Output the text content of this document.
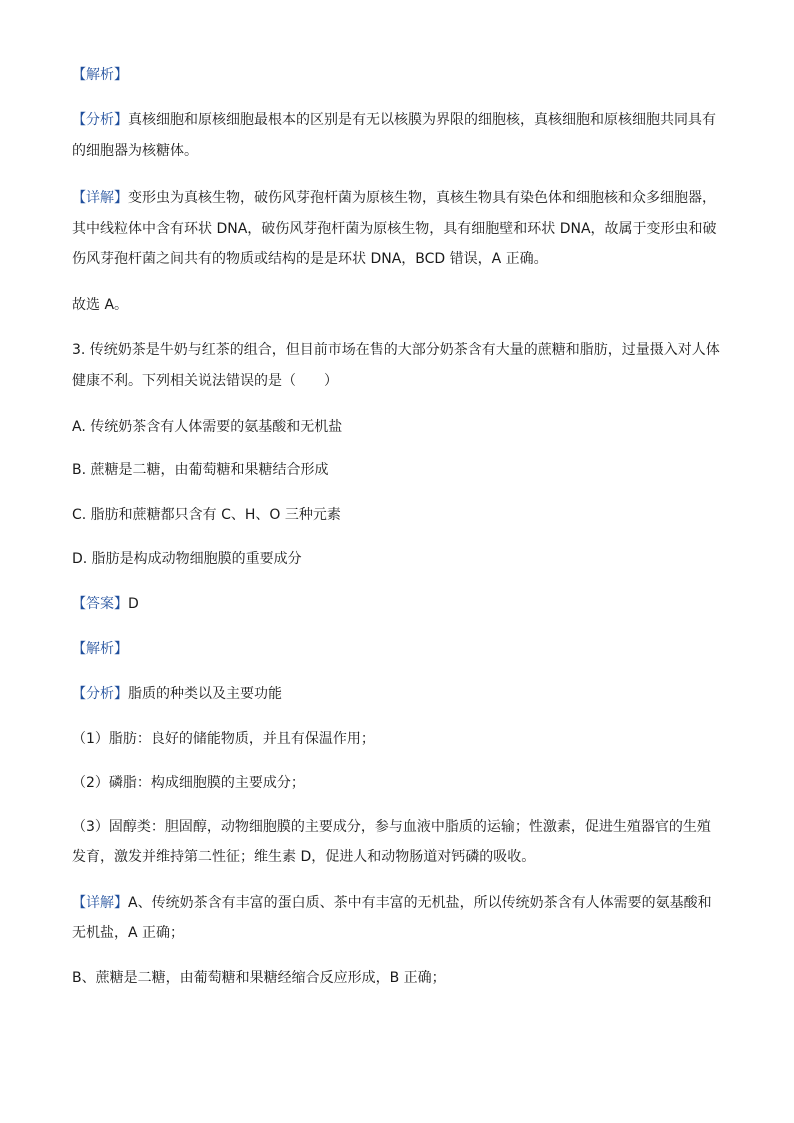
【解析】
【分析】真核细胞和原核细胞最根本的区别是有无以核膜为界限的细胞核，真核细胞和原核细胞共同具有
的细胞器为核糖体。
【详解】变形虫为真核生物，破伤风芽孢杆菌为原核生物，真核生物具有染色体和细胞核和众多细胞器，
其中线粒体中含有环状 DNA，破伤风芽孢杆菌为原核生物，具有细胞壁和环状 DNA，故属于变形虫和破
伤风芽孢杆菌之间共有的物质或结构的是是环状 DNA，BCD 错误，A 正确。
故选 A。
3. 传统奶茶是牛奶与红茶的组合，但目前市场在售的大部分奶茶含有大量的蔗糖和脂肪，过量摄入对人体
健康不利。下列相关说法错误的是（　　）
A. 传统奶茶含有人体需要的氨基酸和无机盐
B. 蔗糖是二糖，由葡萄糖和果糖结合形成
C. 脂肪和蔗糖都只含有 C、H、O 三种元素
D. 脂肪是构成动物细胞膜的重要成分
【答案】D
【解析】
【分析】脂质的种类以及主要功能
（1）脂肪：良好的储能物质，并且有保温作用；
（2）磷脂：构成细胞膜的主要成分；
（3）固醇类：胆固醇，动物细胞膜的主要成分，参与血液中脂质的运输；性激素，促进生殖器官的生殖
发育，激发并维持第二性征；维生素 D，促进人和动物肠道对钙磷的吸收。
【详解】A、传统奶茶含有丰富的蛋白质、茶中有丰富的无机盐，所以传统奶茶含有人体需要的氨基酸和
无机盐，A 正确；
B、蔗糖是二糖，由葡萄糖和果糖经缩合反应形成，B 正确；
